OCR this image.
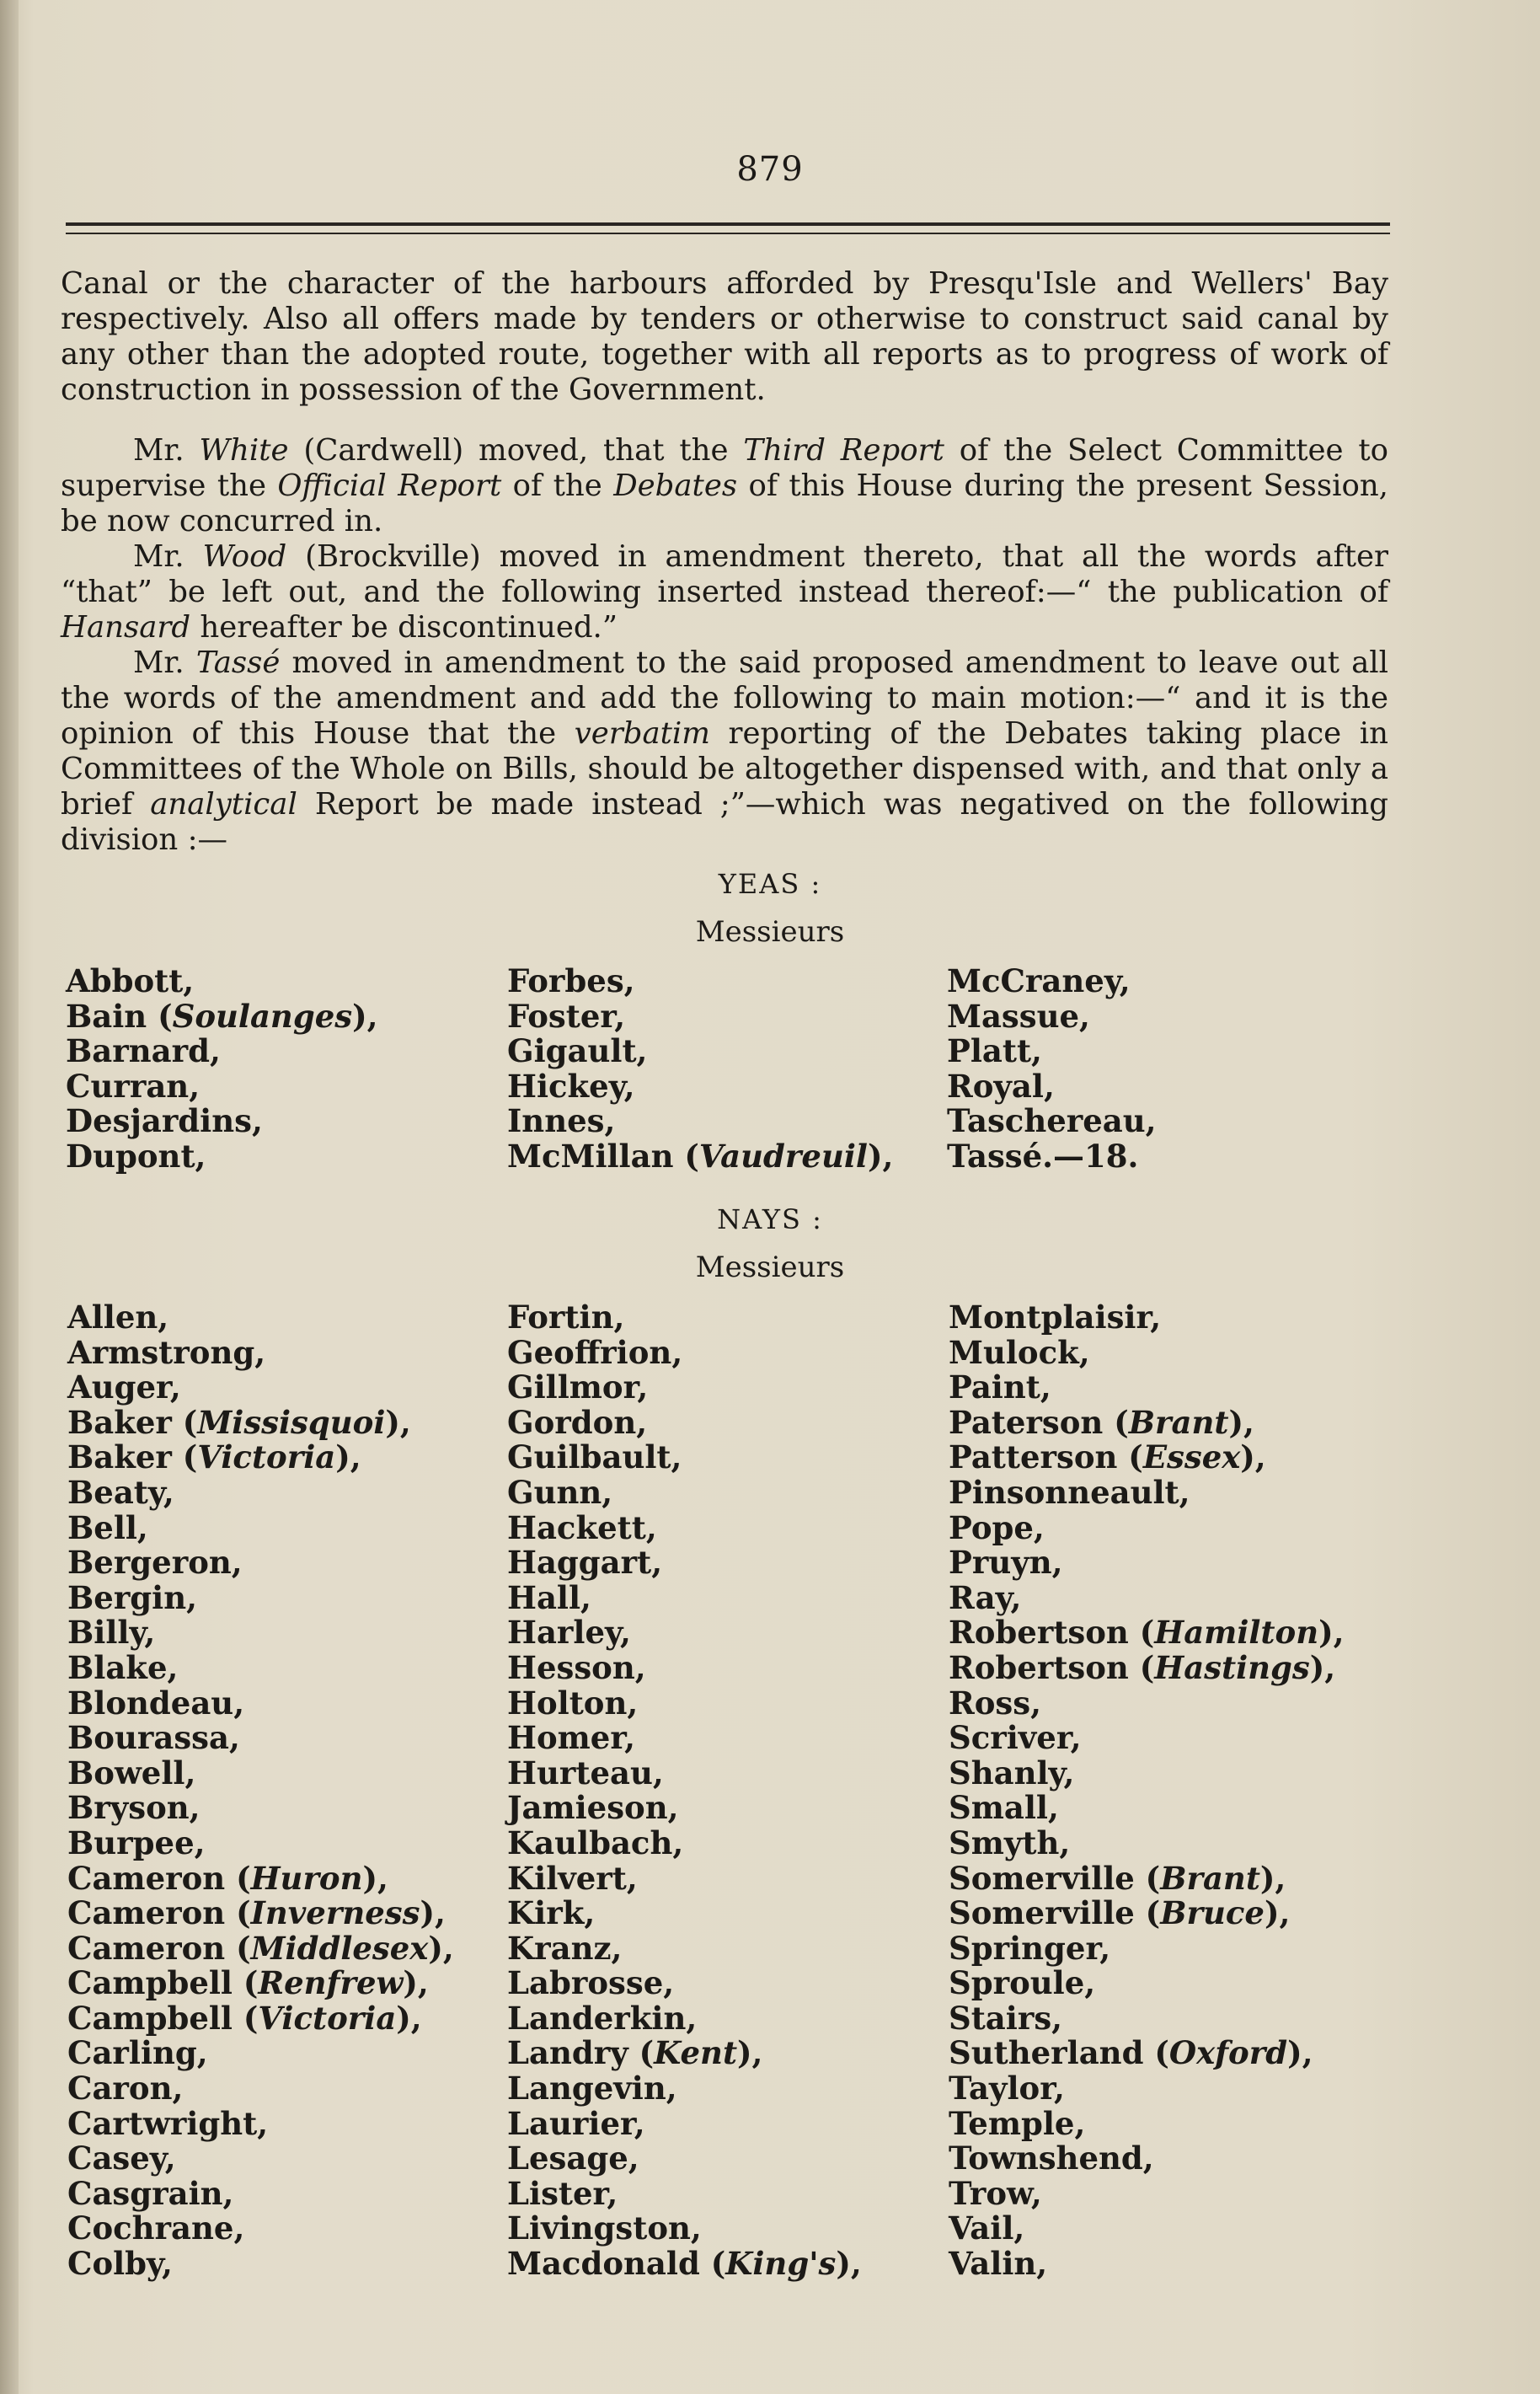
879

Canal or the character of the harbours afforded by Presqu'Isle and Wellers' Bay respectively. Also all offers made by tenders or otherwise to construct said canal by any other than the adopted route, together with all reports as to progress of work of construction in possession of the Government.

Mr. White (Cardwell) moved, that the Third Report of the Select Committee to supervise the Official Report of the Debates of this House during the present Session, be now concurred in.

Mr. Wood (Brockville) moved in amendment thereto, that all the words after “that” be left out, and the following inserted instead thereof:—“ the publication of Hansard hereafter be discontinued.”

Mr. Tassé moved in amendment to the said proposed amendment to leave out all the words of the amendment and add the following to main motion:—“ and it is the opinion of this House that the verbatim reporting of the Debates taking place in Committees of the Whole on Bills, should be altogether dispensed with, and that only a brief analytical Report be made instead ;”—which was negatived on the following division :—

YEAS :
Messieurs
Abbott,
Bain (Soulanges),
Barnard,
Curran,
Desjardins,
Dupont,
Forbes,
Foster,
Gigault,
Hickey,
Innes,
McMillan (Vaudreuil),
McCraney,
Massue,
Platt,
Royal,
Taschereau,
Tassé.—18.
NAYS :
Messieurs
Allen,
Armstrong,
Auger,
Baker (Missisquoi),
Baker (Victoria),
Beaty,
Bell,
Bergeron,
Bergin,
Billy,
Blake,
Blondeau,
Bourassa,
Bowell,
Bryson,
Burpee,
Cameron (Huron),
Cameron (Inverness),
Cameron (Middlesex),
Campbell (Renfrew),
Campbell (Victoria),
Carling,
Caron,
Cartwright,
Casey,
Casgrain,
Cochrane,
Colby,
Fortin,
Geoffrion,
Gillmor,
Gordon,
Guilbault,
Gunn,
Hackett,
Haggart,
Hall,
Harley,
Hesson,
Holton,
Homer,
Hurteau,
Jamieson,
Kaulbach,
Kilvert,
Kirk,
Kranz,
Labrosse,
Landerkin,
Landry (Kent),
Langevin,
Laurier,
Lesage,
Lister,
Livingston,
Macdonald (King's),
Montplaisir,
Mulock,
Paint,
Paterson (Brant),
Patterson (Essex),
Pinsonneault,
Pope,
Pruyn,
Ray,
Robertson (Hamilton),
Robertson (Hastings),
Ross,
Scriver,
Shanly,
Small,
Smyth,
Somerville (Brant),
Somerville (Bruce),
Springer,
Sproule,
Stairs,
Sutherland (Oxford),
Taylor,
Temple,
Townshend,
Trow,
Vail,
Valin,
